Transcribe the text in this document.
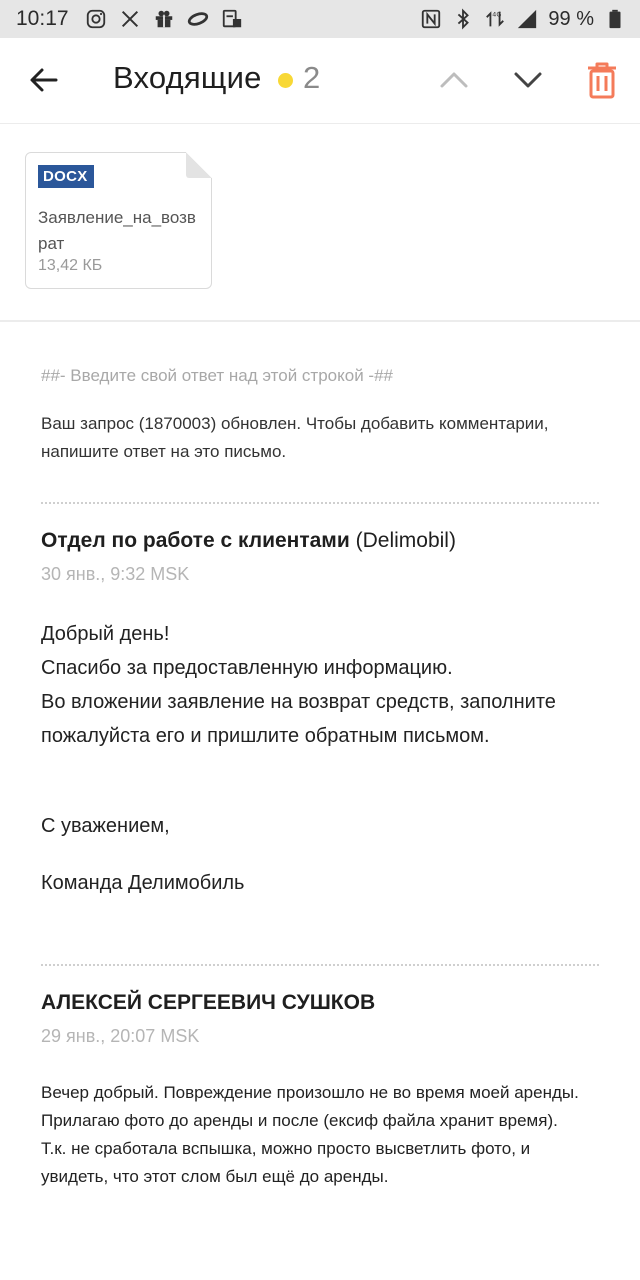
10:17	4G 99 %
Входящие 2
DOCX
Заявление_на_возврат
13,42 КБ
##- Введите свой ответ над этой строкой -##
Ваш запрос (1870003) обновлен. Чтобы добавить комментарии, напишите ответ на это письмо.
Отдел по работе с клиентами (Delimobil)
30 янв., 9:32 MSK
Добрый день!
Спасибо за предоставленную информацию.
Во вложении заявление на возврат средств, заполните пожалуйста его и пришлите обратным письмом.
С уважением,
Команда Делимобиль
АЛЕКСЕЙ СЕРГЕЕВИЧ СУШКОВ
29 янв., 20:07 MSK
Вечер добрый. Повреждение произошло не во время моей аренды.
Прилагаю фото до аренды и после (ексиф файла хранит время).
Т.к. не сработала вспышка, можно просто высветлить фото, и увидеть, что этот слом был ещё до аренды.
